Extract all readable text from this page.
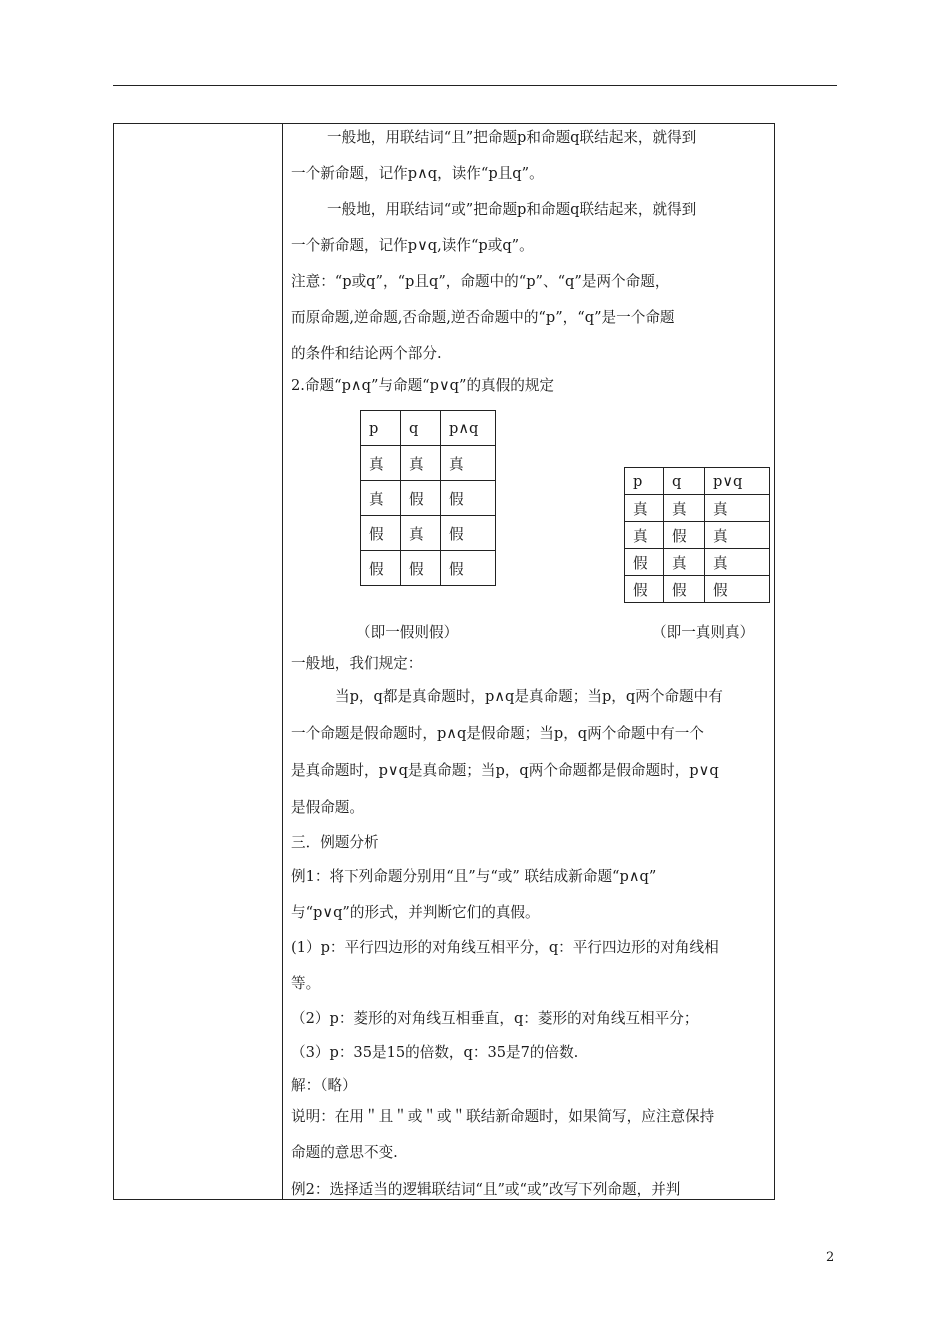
一般地，用联结词“且”把命题p和命题q联结起来，就得到
一个新命题，记作p∧q，读作“p且q”。
一般地，用联结词“或”把命题p和命题q联结起来，就得到
一个新命题，记作p∨q,读作“p或q”。
注意：“p或q”，“p且q”，命题中的“p”、“q”是两个命题，
而原命题,逆命题,否命题,逆否命题中的“p”，“q”是一个命题
的条件和结论两个部分.
2.命题“p∧q”与命题“p∨q”的真假的规定
一般地，我们规定：
当p，q都是真命题时，p∧q是真命题；当p，q两个命题中有
一个命题是假命题时，p∧q是假命题；当p，q两个命题中有一个
是真命题时，p∨q是真命题；当p，q两个命题都是假命题时，p∨q
是假命题。
三．例题分析
例1：将下列命题分别用“且”与“或” 联结成新命题“p∧q”
与“p∨q”的形式，并判断它们的真假。
(1）p：平行四边形的对角线互相平分，q：平行四边形的对角线相
等。
（2）p：菱形的对角线互相垂直，q：菱形的对角线互相平分；
（3）p：35是15的倍数，q：35是7的倍数.
解：（略）
说明：在用＂且＂或＂或＂联结新命题时，如果简写，应注意保持
命题的意思不变.
例2：选择适当的逻辑联结词“且”或“或”改写下列命题，并判
p	q	p∧q
真	真	真
真	假	假
假	真	假
假	假	假
p	q	p∨q
真	真	真
真	假	真
假	真	真
假	假	假
（即一假则假）	（即一真则真）
2
